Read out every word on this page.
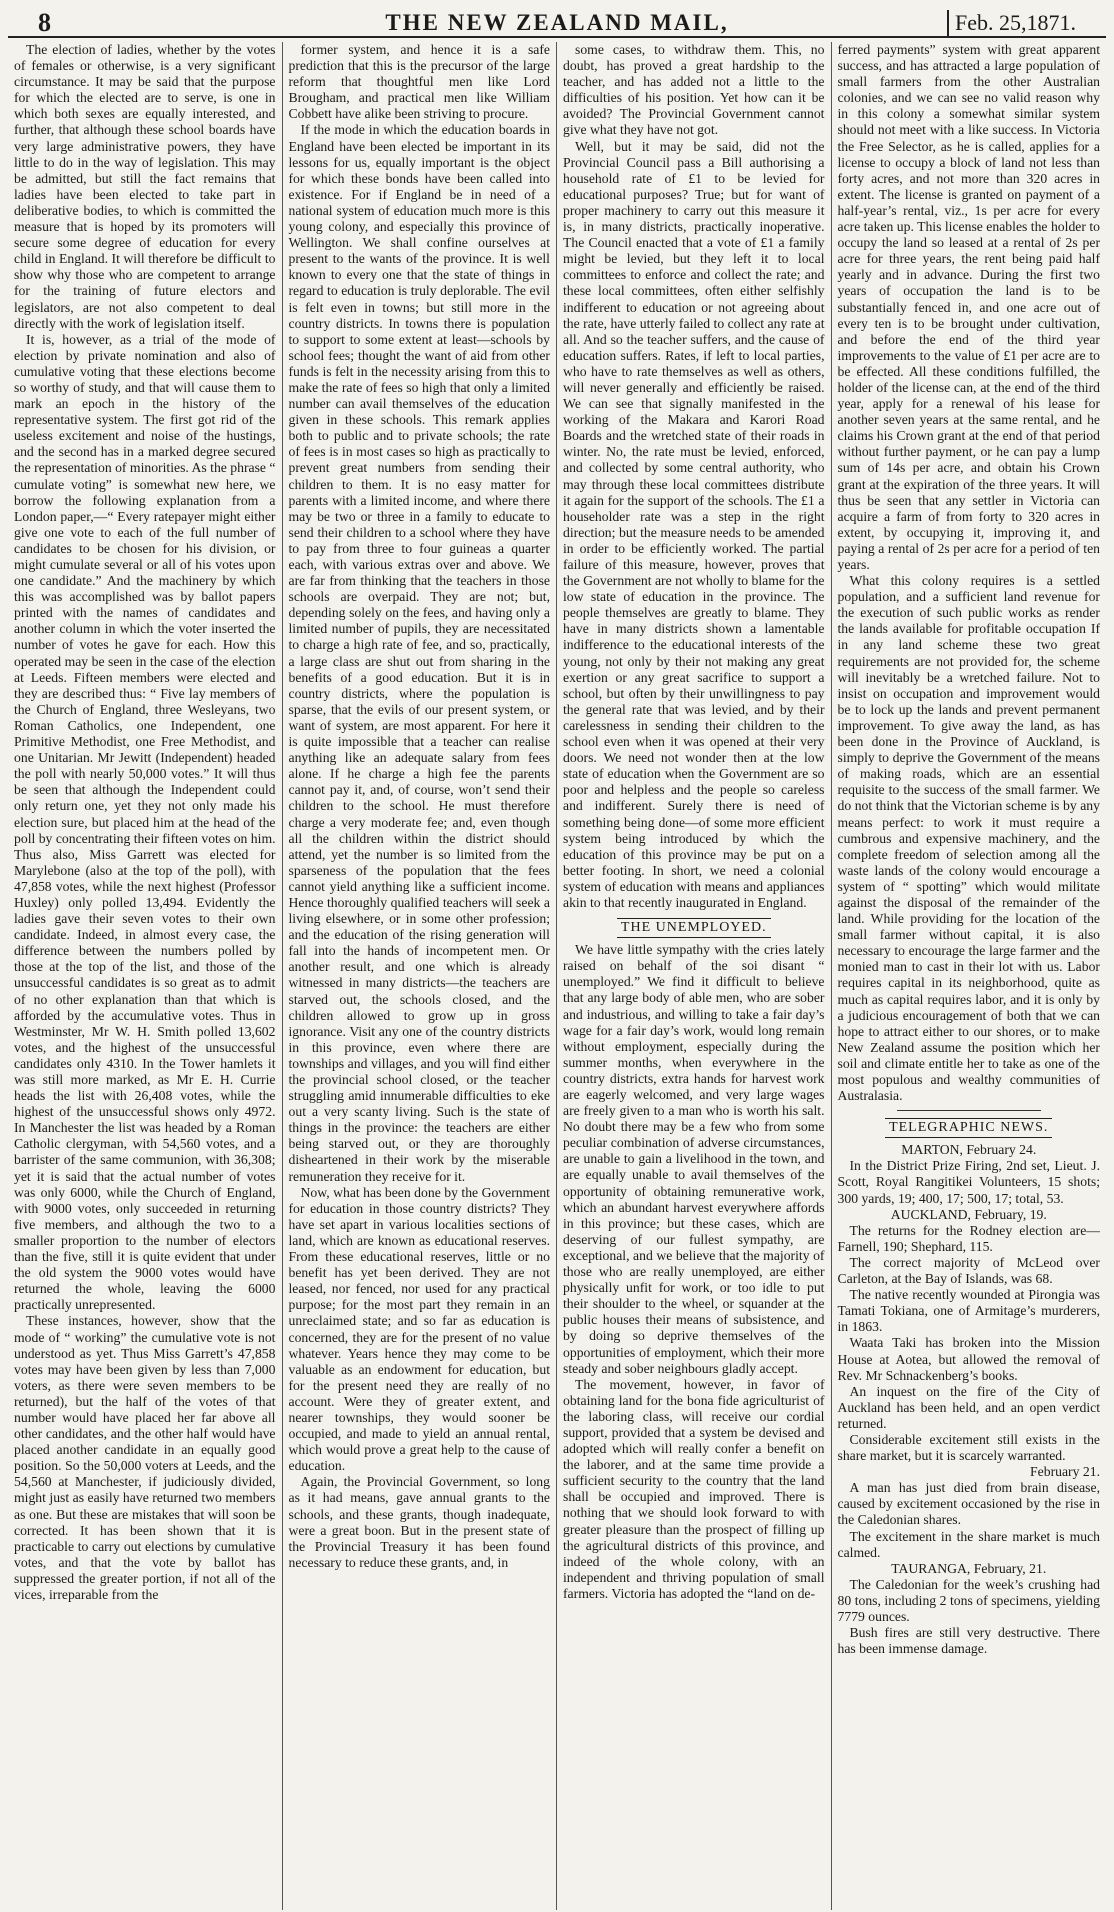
8	THE NEW ZEALAND MAIL,	Feb. 25,1871.

The election of ladies, whether by the votes of females or otherwise, is a very significant circumstance. It may be said that the purpose for which the elected are to serve, is one in which both sexes are equally interested, and further, that although these school boards have very large administrative powers, they have little to do in the way of legislation. This may be admitted, but still the fact remains that ladies have been elected to take part in deliberative bodies, to which is committed the measure that is hoped by its promoters will secure some degree of education for every child in England. It will therefore be difficult to show why those who are competent to arrange for the training of future electors and legislators, are not also competent to deal directly with the work of legislation itself.

It is, however, as a trial of the mode of election by private nomination and also of cumulative voting that these elections become so worthy of study, and that will cause them to mark an epoch in the history of the representative system. The first got rid of the useless excitement and noise of the hustings, and the second has in a marked degree secured the representation of minorities. As the phrase “ cumulate voting” is somewhat new here, we borrow the following explanation from a London paper,—“ Every ratepayer might either give one vote to each of the full number of candidates to be chosen for his division, or might cumulate several or all of his votes upon one candidate.” And the machinery by which this was accomplished was by ballot papers printed with the names of candidates and another column in which the voter inserted the number of votes he gave for each. How this operated may be seen in the case of the election at Leeds. Fifteen members were elected and they are described thus: “ Five lay members of the Church of England, three Wesleyans, two Roman Catholics, one Independent, one Primitive Methodist, one Free Methodist, and one Unitarian. Mr Jewitt (Independent) headed the poll with nearly 50,000 votes.” It will thus be seen that although the Independent could only return one, yet they not only made his election sure, but placed him at the head of the poll by concentrating their fifteen votes on him. Thus also, Miss Garrett was elected for Marylebone (also at the top of the poll), with 47,858 votes, while the next highest (Professor Huxley) only polled 13,494. Evidently the ladies gave their seven votes to their own candidate. Indeed, in almost every case, the difference between the numbers polled by those at the top of the list, and those of the unsuccessful candidates is so great as to admit of no other explanation than that which is afforded by the accumulative votes. Thus in Westminster, Mr W. H. Smith polled 13,602 votes, and the highest of the unsuccessful candidates only 4310. In the Tower hamlets it was still more marked, as Mr E. H. Currie heads the list with 26,408 votes, while the highest of the unsuccessful shows only 4972. In Manchester the list was headed by a Roman Catholic clergyman, with 54,560 votes, and a barrister of the same communion, with 36,308; yet it is said that the actual number of votes was only 6000, while the Church of England, with 9000 votes, only succeeded in returning five members, and although the two to a smaller proportion to the number of electors than the five, still it is quite evident that under the old system the 9000 votes would have returned the whole, leaving the 6000 practically unrepresented.

These instances, however, show that the mode of “ working” the cumulative vote is not understood as yet. Thus Miss Garrett’s 47,858 votes may have been given by less than 7,000 voters, as there were seven members to be returned), but the half of the votes of that number would have placed her far above all other candidates, and the other half would have placed another candidate in an equally good position. So the 50,000 voters at Leeds, and the 54,560 at Manchester, if judiciously divided, might just as easily have returned two members as one. But these are mistakes that will soon be corrected. It has been shown that it is practicable to carry out elections by cumulative votes, and that the vote by ballot has suppressed the greater portion, if not all of the vices, irreparable from the

former system, and hence it is a safe prediction that this is the precursor of the large reform that thoughtful men like Lord Brougham, and practical men like William Cobbett have alike been striving to procure.

If the mode in which the education boards in England have been elected be important in its lessons for us, equally important is the object for which these bonds have been called into existence. For if England be in need of a national system of education much more is this young colony, and especially this province of Wellington. We shall confine ourselves at present to the wants of the province. It is well known to every one that the state of things in regard to education is truly deplorable. The evil is felt even in towns; but still more in the country districts. In towns there is population to support to some extent at least—schools by school fees; thought the want of aid from other funds is felt in the necessity arising from this to make the rate of fees so high that only a limited number can avail themselves of the education given in these schools. This remark applies both to public and to private schools; the rate of fees is in most cases so high as practically to prevent great numbers from sending their children to them. It is no easy matter for parents with a limited income, and where there may be two or three in a family to educate to send their children to a school where they have to pay from three to four guineas a quarter each, with various extras over and above. We are far from thinking that the teachers in those schools are overpaid. They are not; but, depending solely on the fees, and having only a limited number of pupils, they are necessitated to charge a high rate of fee, and so, practically, a large class are shut out from sharing in the benefits of a good education. But it is in country districts, where the population is sparse, that the evils of our present system, or want of system, are most apparent. For here it is quite impossible that a teacher can realise anything like an adequate salary from fees alone. If he charge a high fee the parents cannot pay it, and, of course, won’t send their children to the school. He must therefore charge a very moderate fee; and, even though all the children within the district should attend, yet the number is so limited from the sparseness of the population that the fees cannot yield anything like a sufficient income. Hence thoroughly qualified teachers will seek a living elsewhere, or in some other profession; and the education of the rising generation will fall into the hands of incompetent men. Or another result, and one which is already witnessed in many districts—the teachers are starved out, the schools closed, and the children allowed to grow up in gross ignorance. Visit any one of the country districts in this province, even where there are townships and villages, and you will find either the provincial school closed, or the teacher struggling amid innumerable difficulties to eke out a very scanty living. Such is the state of things in the province: the teachers are either being starved out, or they are thoroughly disheartened in their work by the miserable remuneration they receive for it.

Now, what has been done by the Government for education in those country districts? They have set apart in various localities sections of land, which are known as educational reserves. From these educational reserves, little or no benefit has yet been derived. They are not leased, nor fenced, nor used for any practical purpose; for the most part they remain in an unreclaimed state; and so far as education is concerned, they are for the present of no value whatever. Years hence they may come to be valuable as an endowment for education, but for the present need they are really of no account. Were they of greater extent, and nearer townships, they would sooner be occupied, and made to yield an annual rental, which would prove a great help to the cause of education.

Again, the Provincial Government, so long as it had means, gave annual grants to the schools, and these grants, though inadequate, were a great boon. But in the present state of the Provincial Treasury it has been found necessary to reduce these grants, and, in

some cases, to withdraw them. This, no doubt, has proved a great hardship to the teacher, and has added not a little to the difficulties of his position. Yet how can it be avoided? The Provincial Government cannot give what they have not got.

Well, but it may be said, did not the Provincial Council pass a Bill authorising a household rate of £1 to be levied for educational purposes? True; but for want of proper machinery to carry out this measure it is, in many districts, practically inoperative. The Council enacted that a vote of £1 a family might be levied, but they left it to local committees to enforce and collect the rate; and these local committees, often either selfishly indifferent to education or not agreeing about the rate, have utterly failed to collect any rate at all. And so the teacher suffers, and the cause of education suffers. Rates, if left to local parties, who have to rate themselves as well as others, will never generally and efficiently be raised. We can see that signally manifested in the working of the Makara and Karori Road Boards and the wretched state of their roads in winter. No, the rate must be levied, enforced, and collected by some central authority, who may through these local committees distribute it again for the support of the schools. The £1 a householder rate was a step in the right direction; but the measure needs to be amended in order to be efficiently worked. The partial failure of this measure, however, proves that the Government are not wholly to blame for the low state of education in the province. The people themselves are greatly to blame. They have in many districts shown a lamentable indifference to the educational interests of the young, not only by their not making any great exertion or any great sacrifice to support a school, but often by their unwillingness to pay the general rate that was levied, and by their carelessness in sending their children to the school even when it was opened at their very doors. We need not wonder then at the low state of education when the Government are so poor and helpless and the people so careless and indifferent. Surely there is need of something being done—of some more efficient system being introduced by which the education of this province may be put on a better footing. In short, we need a colonial system of education with means and appliances akin to that recently inaugurated in England.

THE UNEMPLOYED.

We have little sympathy with the cries lately raised on behalf of the soi disant “ unemployed.” We find it difficult to believe that any large body of able men, who are sober and industrious, and willing to take a fair day’s wage for a fair day’s work, would long remain without employment, especially during the summer months, when everywhere in the country districts, extra hands for harvest work are eagerly welcomed, and very large wages are freely given to a man who is worth his salt. No doubt there may be a few who from some peculiar combination of adverse circumstances, are unable to gain a livelihood in the town, and are equally unable to avail themselves of the opportunity of obtaining remunerative work, which an abundant harvest everywhere affords in this province; but these cases, which are deserving of our fullest sympathy, are exceptional, and we believe that the majority of those who are really unemployed, are either physically unfit for work, or too idle to put their shoulder to the wheel, or squander at the public houses their means of subsistence, and by doing so deprive themselves of the opportunities of employment, which their more steady and sober neighbours gladly accept.

The movement, however, in favor of obtaining land for the bona fide agriculturist of the laboring class, will receive our cordial support, provided that a system be devised and adopted which will really confer a benefit on the laborer, and at the same time provide a sufficient security to the country that the land shall be occupied and improved. There is nothing that we should look forward to with greater pleasure than the prospect of filling up the agricultural districts of this province, and indeed of the whole colony, with an independent and thriving population of small farmers. Victoria has adopted the “land on de-

ferred payments” system with great apparent success, and has attracted a large population of small farmers from the other Australian colonies, and we can see no valid reason why in this colony a somewhat similar system should not meet with a like success. In Victoria the Free Selector, as he is called, applies for a license to occupy a block of land not less than forty acres, and not more than 320 acres in extent. The license is granted on payment of a half-year’s rental, viz., 1s per acre for every acre taken up. This license enables the holder to occupy the land so leased at a rental of 2s per acre for three years, the rent being paid half yearly and in advance. During the first two years of occupation the land is to be substantially fenced in, and one acre out of every ten is to be brought under cultivation, and before the end of the third year improvements to the value of £1 per acre are to be effected. All these conditions fulfilled, the holder of the license can, at the end of the third year, apply for a renewal of his lease for another seven years at the same rental, and he claims his Crown grant at the end of that period without further payment, or he can pay a lump sum of 14s per acre, and obtain his Crown grant at the expiration of the three years. It will thus be seen that any settler in Victoria can acquire a farm of from forty to 320 acres in extent, by occupying it, improving it, and paying a rental of 2s per acre for a period of ten years.

What this colony requires is a settled population, and a sufficient land revenue for the execution of such public works as render the lands available for profitable occupation If in any land scheme these two great requirements are not provided for, the scheme will inevitably be a wretched failure. Not to insist on occupation and improvement would be to lock up the lands and prevent permanent improvement. To give away the land, as has been done in the Province of Auckland, is simply to deprive the Government of the means of making roads, which are an essential requisite to the success of the small farmer. We do not think that the Victorian scheme is by any means perfect: to work it must require a cumbrous and expensive machinery, and the complete freedom of selection among all the waste lands of the colony would encourage a system of “ spotting” which would militate against the disposal of the remainder of the land. While providing for the location of the small farmer without capital, it is also necessary to encourage the large farmer and the monied man to cast in their lot with us. Labor requires capital in its neighborhood, quite as much as capital requires labor, and it is only by a judicious encouragement of both that we can hope to attract either to our shores, or to make New Zealand assume the position which her soil and climate entitle her to take as one of the most populous and wealthy communities of Australasia.

TELEGRAPHIC NEWS.

MARTON, February 24.

In the District Prize Firing, 2nd set, Lieut. J. Scott, Royal Rangitikei Volunteers, 15 shots; 300 yards, 19; 400, 17; 500, 17; total, 53.

AUCKLAND, February, 19.

The returns for the Rodney election are—Farnell, 190; Shephard, 115.

The correct majority of McLeod over Carleton, at the Bay of Islands, was 68.

The native recently wounded at Pirongia was Tamati Tokiana, one of Armitage’s murderers, in 1863.

Waata Taki has broken into the Mission House at Aotea, but allowed the removal of Rev. Mr Schnackenberg’s books.

An inquest on the fire of the City of Auckland has been held, and an open verdict returned.

Considerable excitement still exists in the share market, but it is scarcely warranted.

February 21.

A man has just died from brain disease, caused by excitement occasioned by the rise in the Caledonian shares.

The excitement in the share market is much calmed.

TAURANGA, February, 21.

The Caledonian for the week’s crushing had 80 tons, including 2 tons of specimens, yielding 7779 ounces.

Bush fires are still very destructive. There has been immense damage.
